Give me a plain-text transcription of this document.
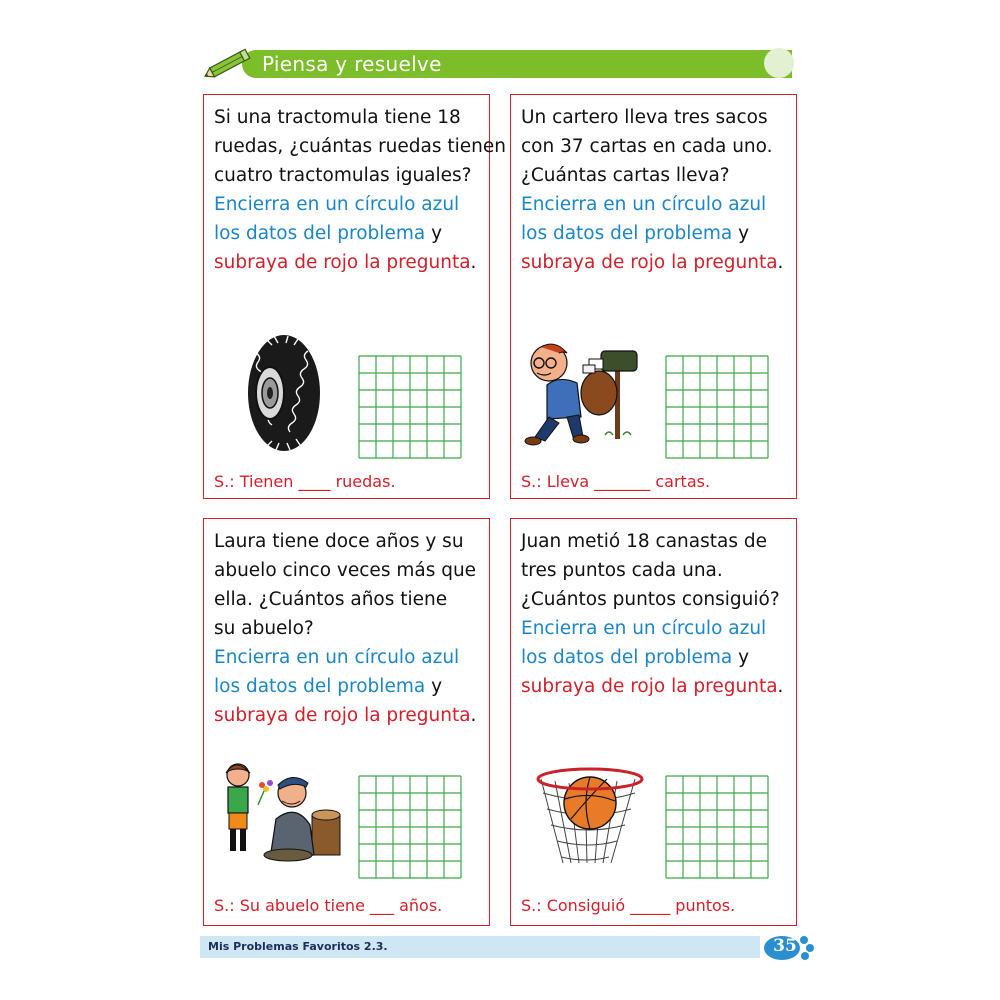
Piensa y resuelve
Si una tractomula tiene 18
ruedas, ¿cuántas ruedas tienen
cuatro tractomulas iguales?
Encierra en un círculo azul
los datos del problema y
subraya de rojo la pregunta.
S.: Tienen ____ ruedas.
Un cartero lleva tres sacos
con 37 cartas en cada uno.
¿Cuántas cartas lleva?
Encierra en un círculo azul
los datos del problema y
subraya de rojo la pregunta.
S.: Lleva _______ cartas.
Laura tiene doce años y su
abuelo cinco veces más que
ella. ¿Cuántos años tiene
su abuelo?
Encierra en un círculo azul
los datos del problema y
subraya de rojo la pregunta.
S.: Su abuelo tiene ___ años.
Juan metió 18 canastas de
tres puntos cada una.
¿Cuántos puntos consiguió?
Encierra en un círculo azul
los datos del problema y
subraya de rojo la pregunta.
S.: Consiguió _____ puntos.
Mis Problemas Favoritos 2.3.	35
